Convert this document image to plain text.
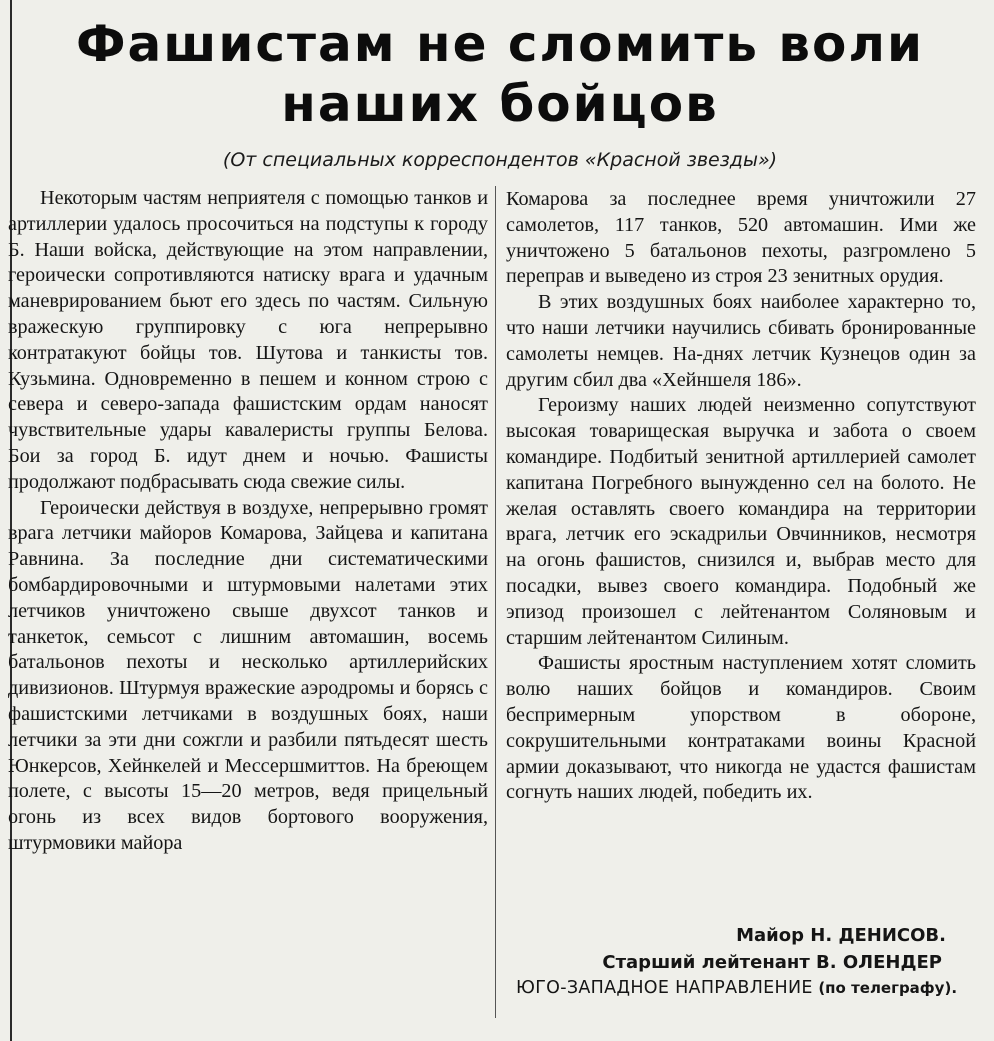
Фашистам не сломить воли
наших бойцов
(От специальных корреспондентов «Красной звезды»)

Некоторым частям неприятеля с помощью танков и артиллерии удалось просочиться на подступы к городу Б. Наши войска, действующие на этом направлении, героически сопротивляются натиску врага и удачным маневрированием бьют его здесь по частям. Сильную вражескую группировку с юга непрерывно контратакуют бойцы тов. Шутова и танкисты тов. Кузьмина. Одновременно в пешем и конном строю с севера и северо-запада фашистским ордам наносят чувствительные удары кавалеристы группы Белова. Бои за город Б. идут днем и ночью. Фашисты продолжают подбрасывать сюда свежие силы.

Героически действуя в воздухе, непрерывно громят врага летчики майоров Комарова, Зайцева и капитана Равнина. За последние дни систематическими бомбардировочными и штурмовыми налетами этих летчиков уничтожено свыше двухсот танков и танкеток, семьсот с лишним автомашин, восемь батальонов пехоты и несколько артиллерийских дивизионов. Штурмуя вражеские аэродромы и борясь с фашистскими летчиками в воздушных боях, наши летчики за эти дни сожгли и разбили пятьдесят шесть Юнкерсов, Хейнкелей и Мессершмиттов. На бреющем полете, с высоты 15—20 метров, ведя прицельный огонь из всех видов бортового вооружения, штурмовики майора

Комарова за последнее время уничтожили 27 самолетов, 117 танков, 520 автомашин. Ими же уничтожено 5 батальонов пехоты, разгромлено 5 переправ и выведено из строя 23 зенитных орудия.

В этих воздушных боях наиболее характерно то, что наши летчики научились сбивать бронированные самолеты немцев. На-днях летчик Кузнецов один за другим сбил два «Хейншеля 186».

Героизму наших людей неизменно сопутствуют высокая товарищеская выручка и забота о своем командире. Подбитый зенитной артиллерией самолет капитана Погребного вынужденно сел на болото. Не желая оставлять своего командира на территории врага, летчик его эскадрильи Овчинников, несмотря на огонь фашистов, снизился и, выбрав место для посадки, вывез своего командира. Подобный же эпизод произошел с лейтенантом Соляновым и старшим лейтенантом Силиным.

Фашисты яростным наступлением хотят сломить волю наших бойцов и командиров. Своим беспримерным упорством в обороне, сокрушительными контратаками воины Красной армии доказывают, что никогда не удастся фашистам согнуть наших людей, победить их.

Майор Н. ДЕНИСОВ.
Старший лейтенант В. ОЛЕНДЕР
ЮГО-ЗАПАДНОЕ НАПРАВЛЕНИЕ (по телеграфу).
